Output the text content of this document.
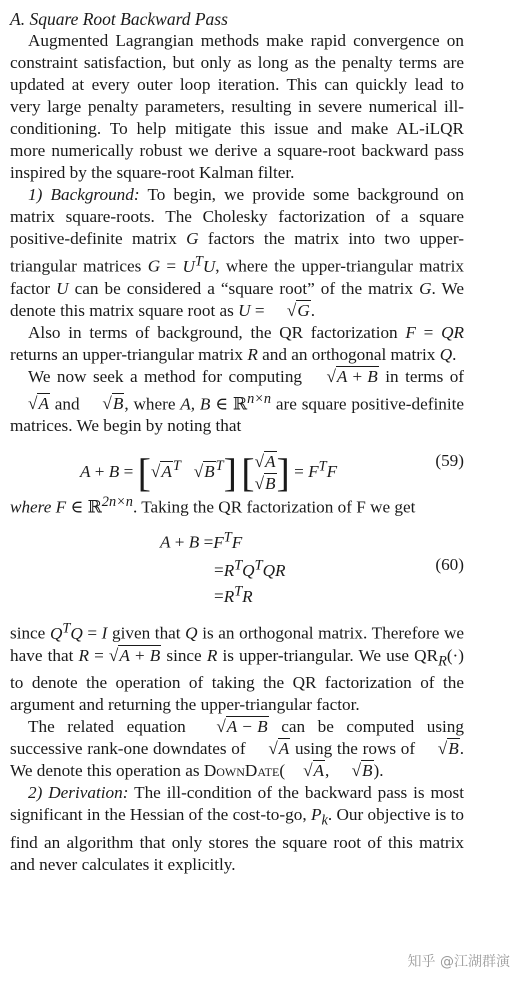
A. Square Root Backward Pass

Augmented Lagrangian methods make rapid convergence on constraint satisfaction, but only as long as the penalty terms are updated at every outer loop iteration. This can quickly lead to very large penalty parameters, resulting in severe numerical ill-conditioning. To help mitigate this issue and make AL-iLQR more numerically robust we derive a square-root backward pass inspired by the square-root Kalman filter.

1) Background: To begin, we provide some background on matrix square-roots. The Cholesky factorization of a square positive-definite matrix G factors the matrix into two upper-triangular matrices $G = U^TU$, where the upper-triangular matrix factor U can be considered a “square root” of the matrix G. We denote this matrix square root as U = √G.

Also in terms of background, the QR factorization F = QR returns an upper-triangular matrix R and an orthogonal matrix Q.

We now seek a method for computing √A + B in terms of √A and √B, where A, B ∈ ℝ$^{n\times n}$ are square positive-definite matrices. We begin by noting that

$A + B = [√A^T$ $√B^T$] [√A
$√B] = F^TF$
(59)

where F ∈ ℝ$^{2n\times n}$. Taking the QR factorization of F we get

$A + B =F^TF$
$=R^TQ^TQR$
$=R^TR$
(60)

since $Q^TQ = I$ given that Q is an orthogonal matrix. Therefore we have that R = √A + B since R is upper-triangular. We use $QR_R(\cdot)$ to denote the operation of taking the QR factorization of the argument and returning the upper-triangular factor.

The related equation √A − B can be computed using successive rank-one downdates of √A using the rows of √B. We denote this operation as DownDate( √A, √B).

2) Derivation: The ill-condition of the backward pass is most significant in the Hessian of the cost-to-go, $P_k$. Our objective is to find an algorithm that only stores the square root of this matrix and never calculates it explicitly.

知乎 @江湖群演
